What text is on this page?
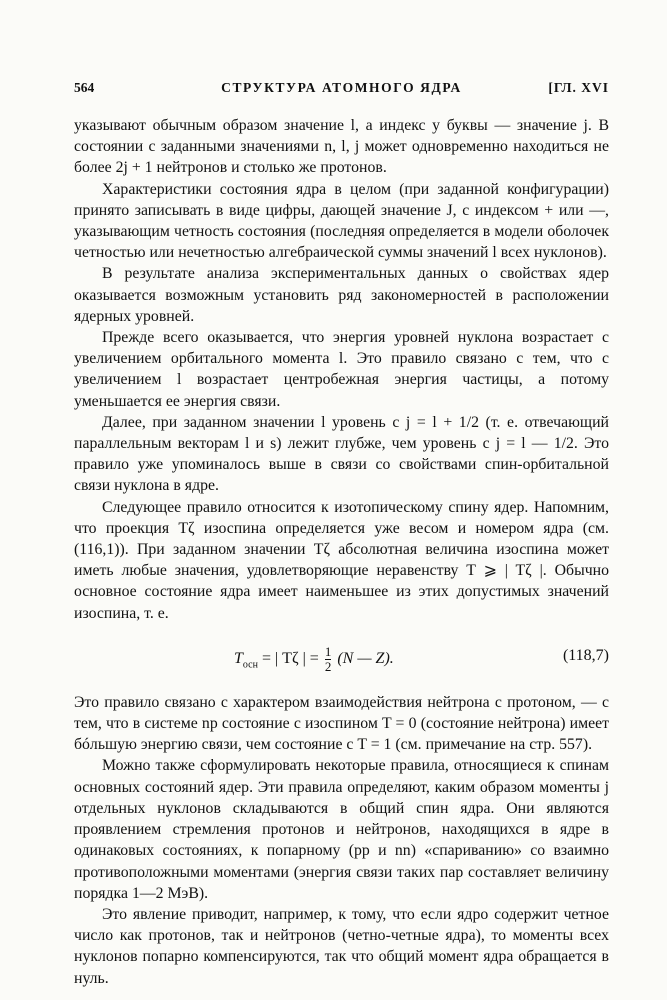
564	СТРУКТУРА АТОМНОГО ЯДРА	[ГЛ. XVI

указывают обычным образом значение l, а индекс у буквы — значение j. В состоянии с заданными значениями n, l, j может одновременно находиться не более 2j + 1 нейтронов и столько же протонов.

Характеристики состояния ядра в целом (при заданной конфигурации) принято записывать в виде цифры, дающей значение J, с индексом + или —, указывающим четность состояния (последняя определяется в модели оболочек четностью или нечетностью алгебраической суммы значений l всех нуклонов).

В результате анализа экспериментальных данных о свойствах ядер оказывается возможным установить ряд закономерностей в расположении ядерных уровней.

Прежде всего оказывается, что энергия уровней нуклона возрастает с увеличением орбитального момента l. Это правило связано с тем, что с увеличением l возрастает центробежная энергия частицы, а потому уменьшается ее энергия связи.

Далее, при заданном значении l уровень с j = l + 1/2 (т. е. отвечающий параллельным векторам l и s) лежит глубже, чем уровень с j = l — 1/2. Это правило уже упоминалось выше в связи со свойствами спин-орбитальной связи нуклона в ядре.

Следующее правило относится к изотопическому спину ядер. Напомним, что проекция Tζ изоспина определяется уже весом и номером ядра (см. (116,1)). При заданном значении Tζ абсолютная величина изоспина может иметь любые значения, удовлетворяющие неравенству T ⩾ | Tζ |. Обычно основное состояние ядра имеет наименьшее из этих допустимых значений изоспина, т. е.

$T_{осн}$ = | Tζ | = $\frac{1}{2} (N$ — Z).	(118,7)

Это правило связано с характером взаимодействия нейтрона с протоном, — с тем, что в системе np состояние с изоспином T = 0 (состояние нейтрона) имеет бóльшую энергию связи, чем состояние с T = 1 (см. примечание на стр. 557).

Можно также сформулировать некоторые правила, относящиеся к спинам основных состояний ядер. Эти правила определяют, каким образом моменты j отдельных нуклонов складываются в общий спин ядра. Они являются проявлением стремления протонов и нейтронов, находящихся в ядре в одинаковых состояниях, к попарному (pp и nn) «спариванию» со взаимно противоположными моментами (энергия связи таких пар составляет величину порядка 1—2 МэВ).

Это явление приводит, например, к тому, что если ядро содержит четное число как протонов, так и нейтронов (четно-четные ядра), то моменты всех нуклонов попарно компенсируются, так что общий момент ядра обращается в нуль.
